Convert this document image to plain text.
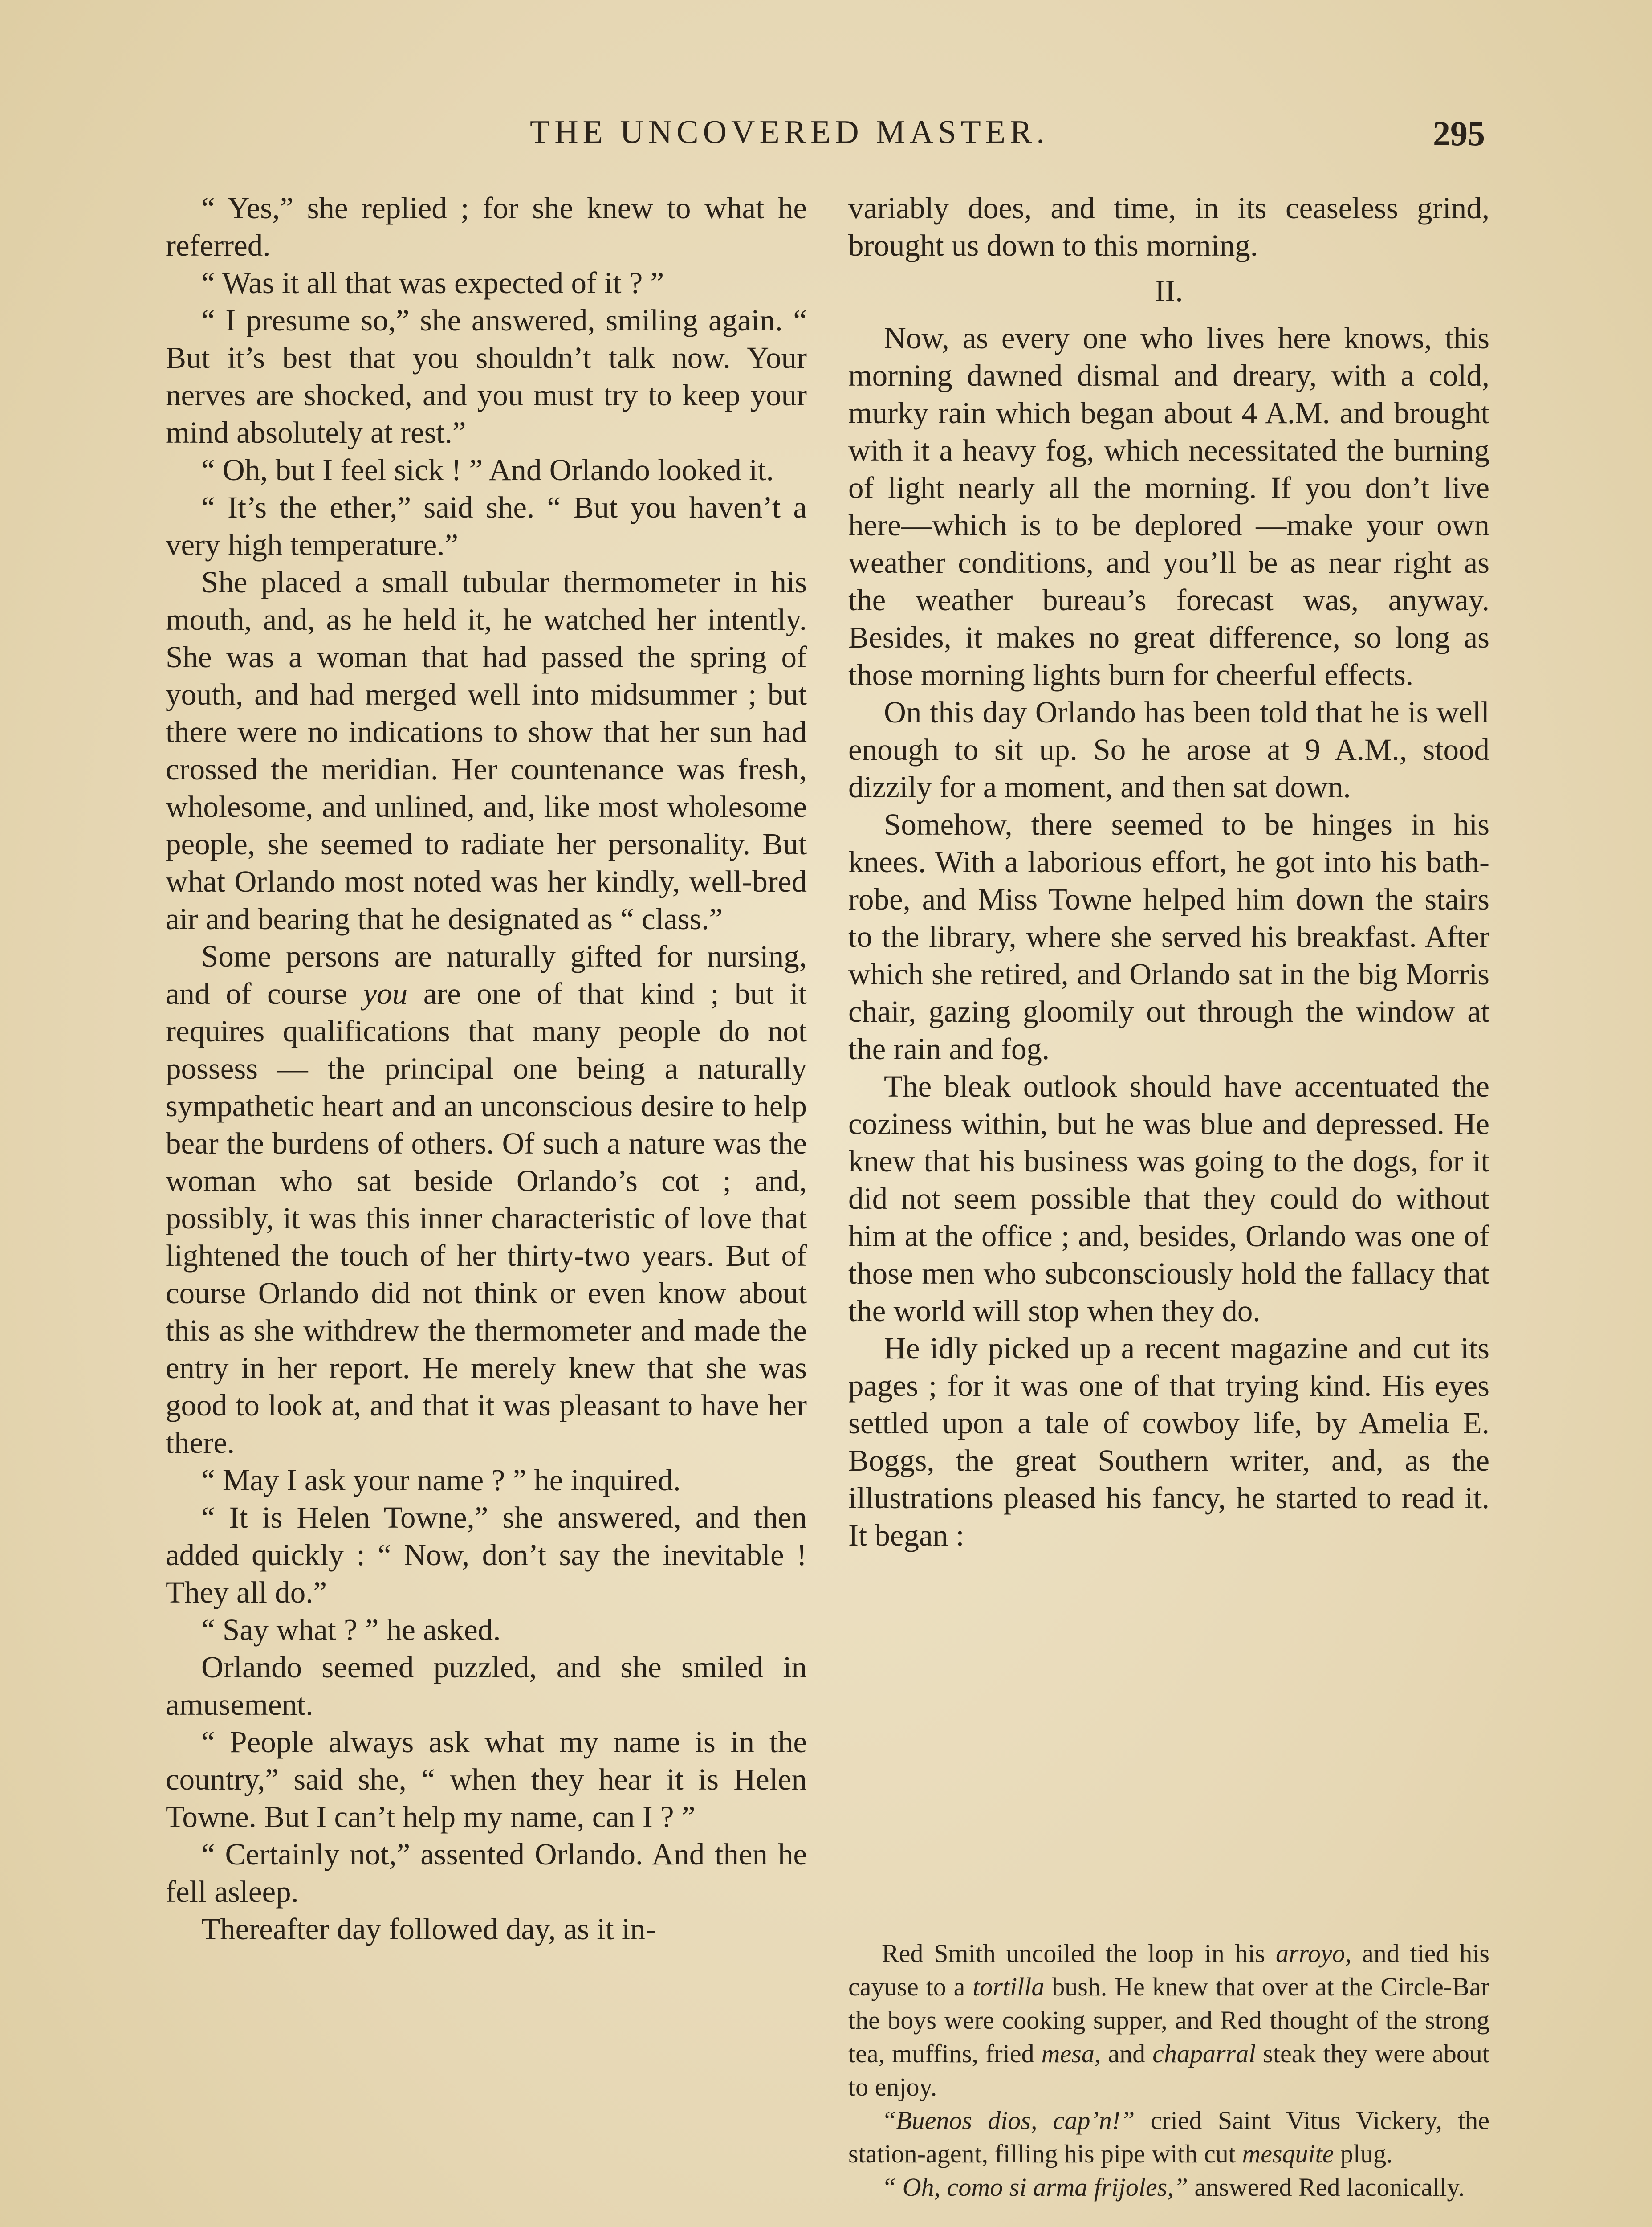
THE UNCOVERED MASTER.	295

“ Yes,” she replied ; for she knew to what he referred.

“ Was it all that was expected of it ? ”

“ I presume so,” she answered, smiling again. “ But it’s best that you shouldn’t talk now. Your nerves are shocked, and you must try to keep your mind absolutely at rest.”

“ Oh, but I feel sick ! ” And Orlando looked it.

“ It’s the ether,” said she. “ But you haven’t a very high temperature.”

She placed a small tubular thermometer in his mouth, and, as he held it, he watched her intently. She was a woman that had passed the spring of youth, and had merged well into midsummer ; but there were no indications to show that her sun had crossed the meridian. Her countenance was fresh, wholesome, and unlined, and, like most wholesome people, she seemed to radiate her personality. But what Orlando most noted was her kindly, well-bred air and bearing that he designated as “ class.”

Some persons are naturally gifted for nursing, and of course you are one of that kind ; but it requires qualifications that many people do not possess — the principal one being a naturally sympathetic heart and an unconscious desire to help bear the burdens of others. Of such a nature was the woman who sat beside Orlando’s cot ; and, possibly, it was this inner characteristic of love that lightened the touch of her thirty-two years. But of course Orlando did not think or even know about this as she withdrew the thermometer and made the entry in her report. He merely knew that she was good to look at, and that it was pleasant to have her there.

“ May I ask your name ? ” he inquired.

“ It is Helen Towne,” she answered, and then added quickly : “ Now, don’t say the inevitable ! They all do.”

“ Say what ? ” he asked.

Orlando seemed puzzled, and she smiled in amusement.

“ People always ask what my name is in the country,” said she, “ when they hear it is Helen Towne. But I can’t help my name, can I ? ”

“ Certainly not,” assented Orlando. And then he fell asleep.

Thereafter day followed day, as it in-

variably does, and time, in its ceaseless grind, brought us down to this morning.

II.

Now, as every one who lives here knows, this morning dawned dismal and dreary, with a cold, murky rain which began about 4 A.M. and brought with it a heavy fog, which necessitated the burning of light nearly all the morning. If you don’t live here—which is to be deplored —make your own weather conditions, and you’ll be as near right as the weather bureau’s forecast was, anyway. Besides, it makes no great difference, so long as those morning lights burn for cheerful effects.

On this day Orlando has been told that he is well enough to sit up. So he arose at 9 A.M., stood dizzily for a moment, and then sat down.

Somehow, there seemed to be hinges in his knees. With a laborious effort, he got into his bath-robe, and Miss Towne helped him down the stairs to the library, where she served his breakfast. After which she retired, and Orlando sat in the big Morris chair, gazing gloomily out through the window at the rain and fog.

The bleak outlook should have accentuated the coziness within, but he was blue and depressed. He knew that his business was going to the dogs, for it did not seem possible that they could do without him at the office ; and, besides, Orlando was one of those men who subconsciously hold the fallacy that the world will stop when they do.

He idly picked up a recent magazine and cut its pages ; for it was one of that trying kind. His eyes settled upon a tale of cowboy life, by Amelia E. Boggs, the great Southern writer, and, as the illustrations pleased his fancy, he started to read it. It began :

Red Smith uncoiled the loop in his arroyo, and tied his cayuse to a tortilla bush. He knew that over at the Circle-Bar the boys were cooking supper, and Red thought of the strong tea, muffins, fried mesa, and chaparral steak they were about to enjoy.

“Buenos dios, cap’n!” cried Saint Vitus Vickery, the station-agent, filling his pipe with cut mesquite plug.

“ Oh, como si arma frijoles,” answered Red laconically.
